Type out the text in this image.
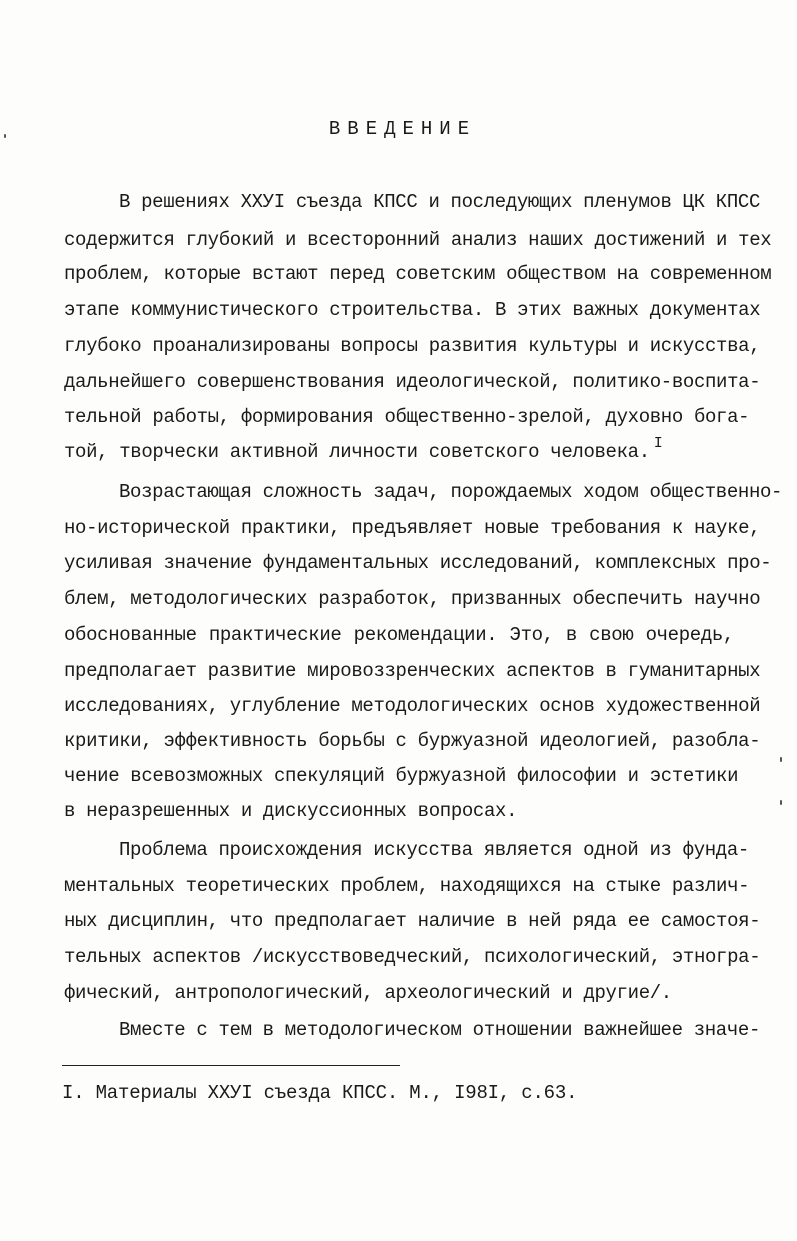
ВВЕДЕНИЕ
В решениях ХХУI съезда КПСС и последующих пленумов ЦК КПСС
содержится глубокий и всесторонний анализ наших достижений и тех
проблем, которые встают перед советским обществом на современном
этапе коммунистического строительства. В этих важных документах
глубоко проанализированы вопросы развития культуры и искусства,
дальнейшего совершенствования идеологической, политико-воспита-
тельной работы, формирования общественно-зрелой, духовно бога-
той, творчески активной личности советского человека. $^I$
Возрастающая сложность задач, порождаемых ходом общественно-
но-исторической практики, предъявляет новые требования к науке,
усиливая значение фундаментальных исследований, комплексных про-
блем, методологических разработок, призванных обеспечить научно
обоснованные практические рекомендации. Это, в свою очередь,
предполагает развитие мировоззренческих аспектов в гуманитарных
исследованиях, углубление методологических основ художественной
критики, эффективность борьбы с буржуазной идеологией, разобла-
чение всевозможных спекуляций буржуазной философии и эстетики
в неразрешенных и дискуссионных вопросах.
Проблема происхождения искусства является одной из фунда-
ментальных теоретических проблем, находящихся на стыке различ-
ных дисциплин, что предполагает наличие в ней ряда ее самостоя-
тельных аспектов /искусствоведческий, психологический, этногра-
фический, антропологический, археологический и другие/.
Вместе с тем в методологическом отношении важнейшее значе-
I. Материалы ХХУI съезда КПСС. М., I98I, с.63.
